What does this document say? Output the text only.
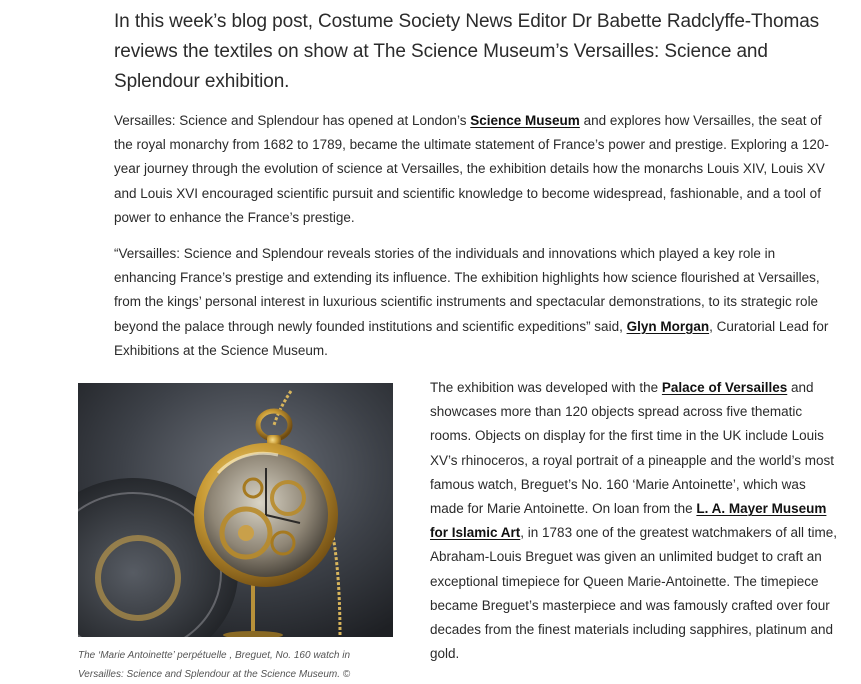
In this week’s blog post, Costume Society News Editor Dr Babette Radclyffe-Thomas reviews the textiles on show at The Science Museum’s Versailles: Science and Splendour exhibition.

Versailles: Science and Splendour has opened at London’s Science Museum and explores how Versailles, the seat of the royal monarchy from 1682 to 1789, became the ultimate statement of France’s power and prestige. Exploring a 120-year journey through the evolution of science at Versailles, the exhibition details how the monarchs Louis XIV, Louis XV and Louis XVI encouraged scientific pursuit and scientific knowledge to become widespread, fashionable, and a tool of power to enhance the France’s prestige.

“Versailles: Science and Splendour reveals stories of the individuals and innovations which played a key role in enhancing France’s prestige and extending its influence. The exhibition highlights how science flourished at Versailles, from the kings’ personal interest in luxurious scientific instruments and spectacular demonstrations, to its strategic role beyond the palace through newly founded institutions and scientific expeditions” said, Glyn Morgan, Curatorial Lead for Exhibitions at the Science Museum.

The ‘Marie Antoinette’ perpétuelle , Breguet, No. 160 watch in Versailles: Science and Splendour at the Science Museum. ©

The exhibition was developed with the Palace of Versailles and showcases more than 120 objects spread across five thematic rooms. Objects on display for the first time in the UK include Louis XV’s rhinoceros, a royal portrait of a pineapple and the world’s most famous watch, Breguet’s No. 160 ‘Marie Antoinette’, which was made for Marie Antoinette. On loan from the L. A. Mayer Museum for Islamic Art, in 1783 one of the greatest watchmakers of all time, Abraham-Louis Breguet was given an unlimited budget to craft an exceptional timepiece for Queen Marie-Antoinette. The timepiece became Breguet’s masterpiece and was famously crafted over four decades from the finest materials including sapphires, platinum and gold.
